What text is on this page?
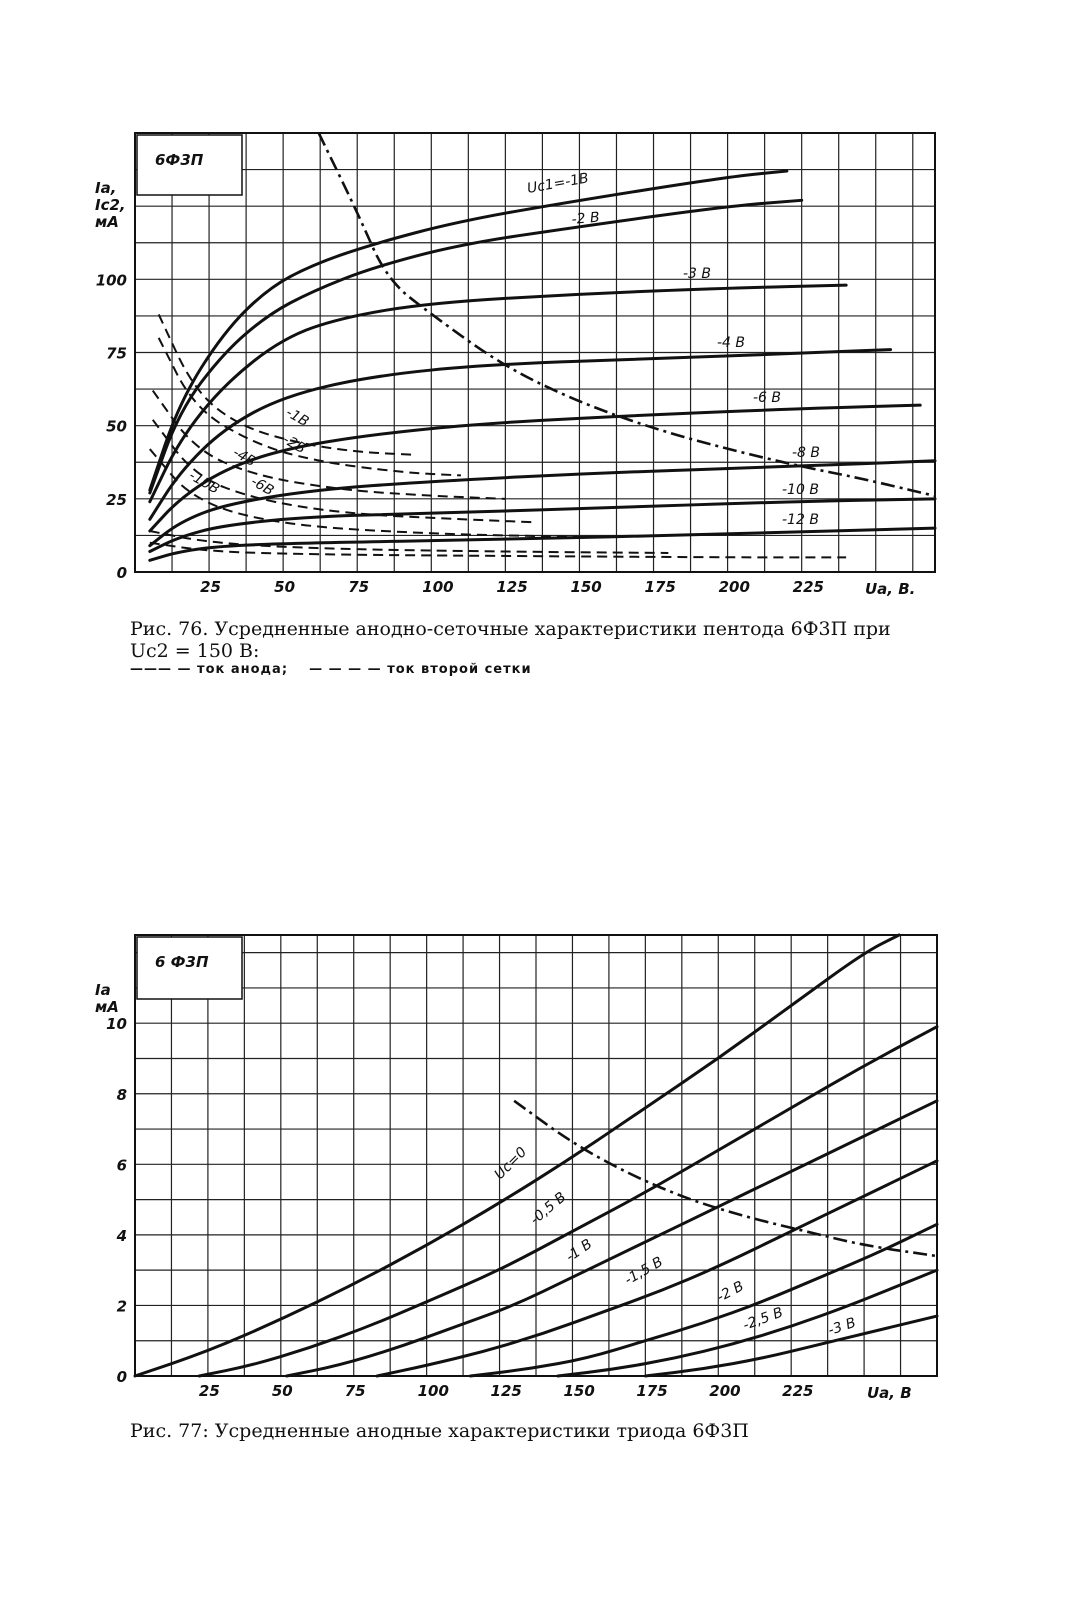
6Ф3П
25	50	75	100	125	150	175	200	225
0
25
50
75
100
Uа, В.
Ia, Ic2, мА
Uc1=-1В
-2 В
-3 В
-4 В
-6 В
-8 В
-10 В
-12 В
-1В
-2В
-4В
-6В
-10В
6 Ф3П
25	50	75	100	125	150	175	200	225
0
2
4
6
8
10
Uа, В
Ia мА
Uc=0
-0,5 В
-1 В
-1,5 В
-2 В
-2,5 В	-3 В
Рис. 76. Усредненные анодно-сеточные характеристики пентода 6Ф3П при
Uc2 = 150 В:
——— — ток анода; — — — — ток второй сетки
Рис. 77: Усредненные анодные характеристики триода 6Ф3П
